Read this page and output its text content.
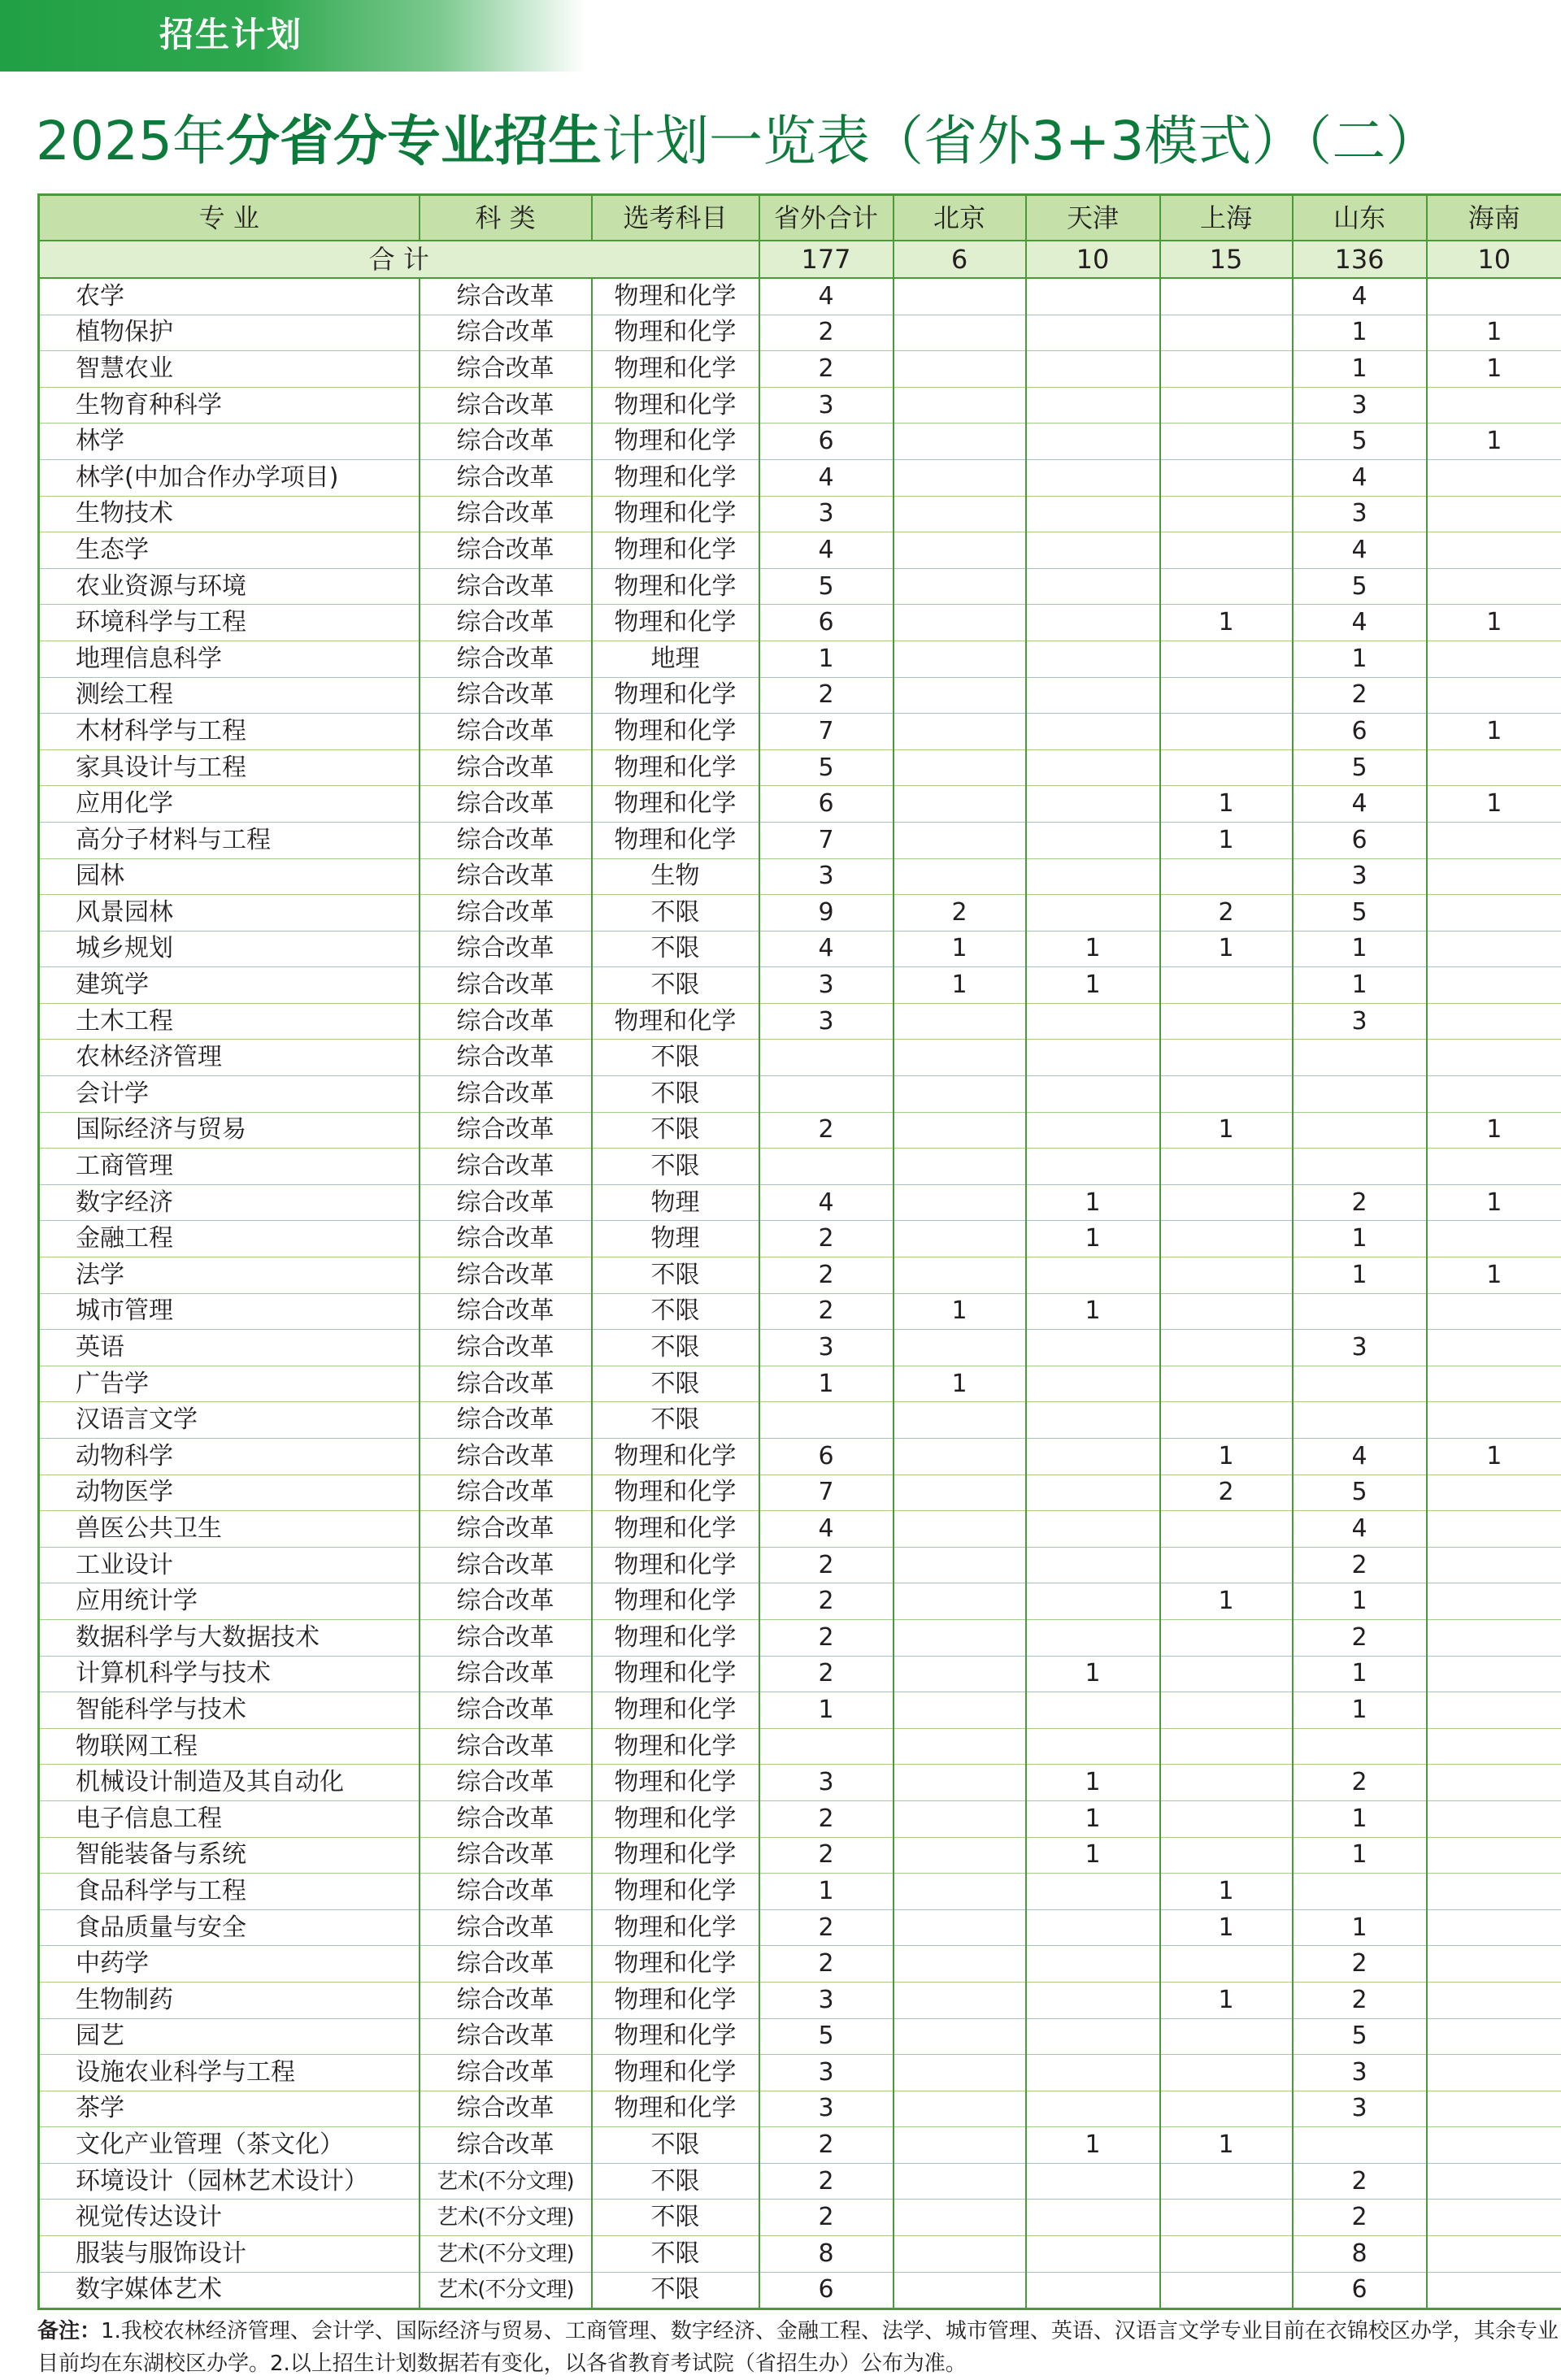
招生计划
2025年分省分专业招生计划一览表（省外3+3模式）（二）
专 业	科 类	选考科目	省外合计	北京	天津	上海	山东	海南
合 计			177	6	10	15	136	10
农学	综合改革	物理和化学	4				4	
植物保护	综合改革	物理和化学	2				1	1
智慧农业	综合改革	物理和化学	2				1	1
生物育种科学	综合改革	物理和化学	3				3	
林学	综合改革	物理和化学	6				5	1
林学(中加合作办学项目)	综合改革	物理和化学	4				4	
生物技术	综合改革	物理和化学	3				3	
生态学	综合改革	物理和化学	4				4	
农业资源与环境	综合改革	物理和化学	5				5	
环境科学与工程	综合改革	物理和化学	6			1	4	1
地理信息科学	综合改革	地理	1				1	
测绘工程	综合改革	物理和化学	2				2	
木材科学与工程	综合改革	物理和化学	7				6	1
家具设计与工程	综合改革	物理和化学	5				5	
应用化学	综合改革	物理和化学	6			1	4	1
高分子材料与工程	综合改革	物理和化学	7			1	6	
园林	综合改革	生物	3				3	
风景园林	综合改革	不限	9	2		2	5	
城乡规划	综合改革	不限	4	1	1	1	1	
建筑学	综合改革	不限	3	1	1		1	
土木工程	综合改革	物理和化学	3				3	
农林经济管理	综合改革	不限						
会计学	综合改革	不限						
国际经济与贸易	综合改革	不限	2			1		1
工商管理	综合改革	不限						
数字经济	综合改革	物理	4		1		2	1
金融工程	综合改革	物理	2		1		1	
法学	综合改革	不限	2				1	1
城市管理	综合改革	不限	2	1	1			
英语	综合改革	不限	3				3	
广告学	综合改革	不限	1	1				
汉语言文学	综合改革	不限						
动物科学	综合改革	物理和化学	6			1	4	1
动物医学	综合改革	物理和化学	7			2	5	
兽医公共卫生	综合改革	物理和化学	4				4	
工业设计	综合改革	物理和化学	2				2	
应用统计学	综合改革	物理和化学	2			1	1	
数据科学与大数据技术	综合改革	物理和化学	2				2	
计算机科学与技术	综合改革	物理和化学	2		1		1	
智能科学与技术	综合改革	物理和化学	1				1	
物联网工程	综合改革	物理和化学						
机械设计制造及其自动化	综合改革	物理和化学	3		1		2	
电子信息工程	综合改革	物理和化学	2		1		1	
智能装备与系统	综合改革	物理和化学	2		1		1	
食品科学与工程	综合改革	物理和化学	1			1		
食品质量与安全	综合改革	物理和化学	2			1	1	
中药学	综合改革	物理和化学	2				2	
生物制药	综合改革	物理和化学	3			1	2	
园艺	综合改革	物理和化学	5				5	
设施农业科学与工程	综合改革	物理和化学	3				3	
茶学	综合改革	物理和化学	3				3	
文化产业管理（茶文化）	综合改革	不限	2		1	1		
环境设计（园林艺术设计）	艺术(不分文理)	不限	2				2	
视觉传达设计	艺术(不分文理)	不限	2				2	
服装与服饰设计	艺术(不分文理)	不限	8				8	
数字媒体艺术	艺术(不分文理)	不限	6				6	
备注：1.我校农林经济管理、会计学、国际经济与贸易、工商管理、数字经济、金融工程、法学、城市管理、英语、汉语言文学专业目前在衣锦校区办学，其余专业目前均在东湖校区办学。2.以上招生计划数据若有变化，以各省教育考试院（省招生办）公布为准。
